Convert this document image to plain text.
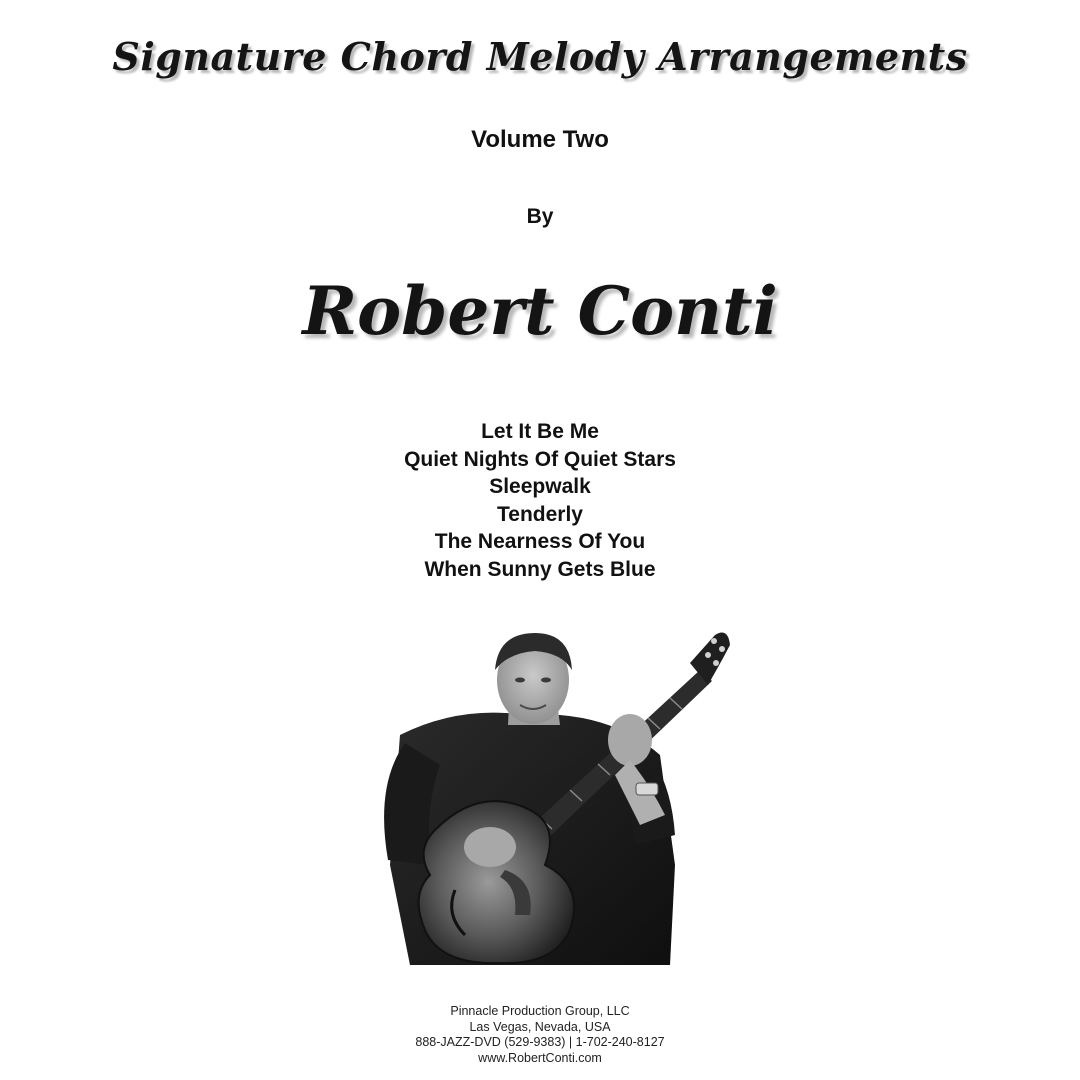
Signature Chord Melody Arrangements
Volume Two
By
Robert Conti
Let It Be Me
Quiet Nights Of Quiet Stars
Sleepwalk
Tenderly
The Nearness Of You
When Sunny Gets Blue
Pinnacle Production Group, LLC
Las Vegas, Nevada, USA
888-JAZZ-DVD (529-9383) | 1-702-240-8127
www.RobertConti.com
